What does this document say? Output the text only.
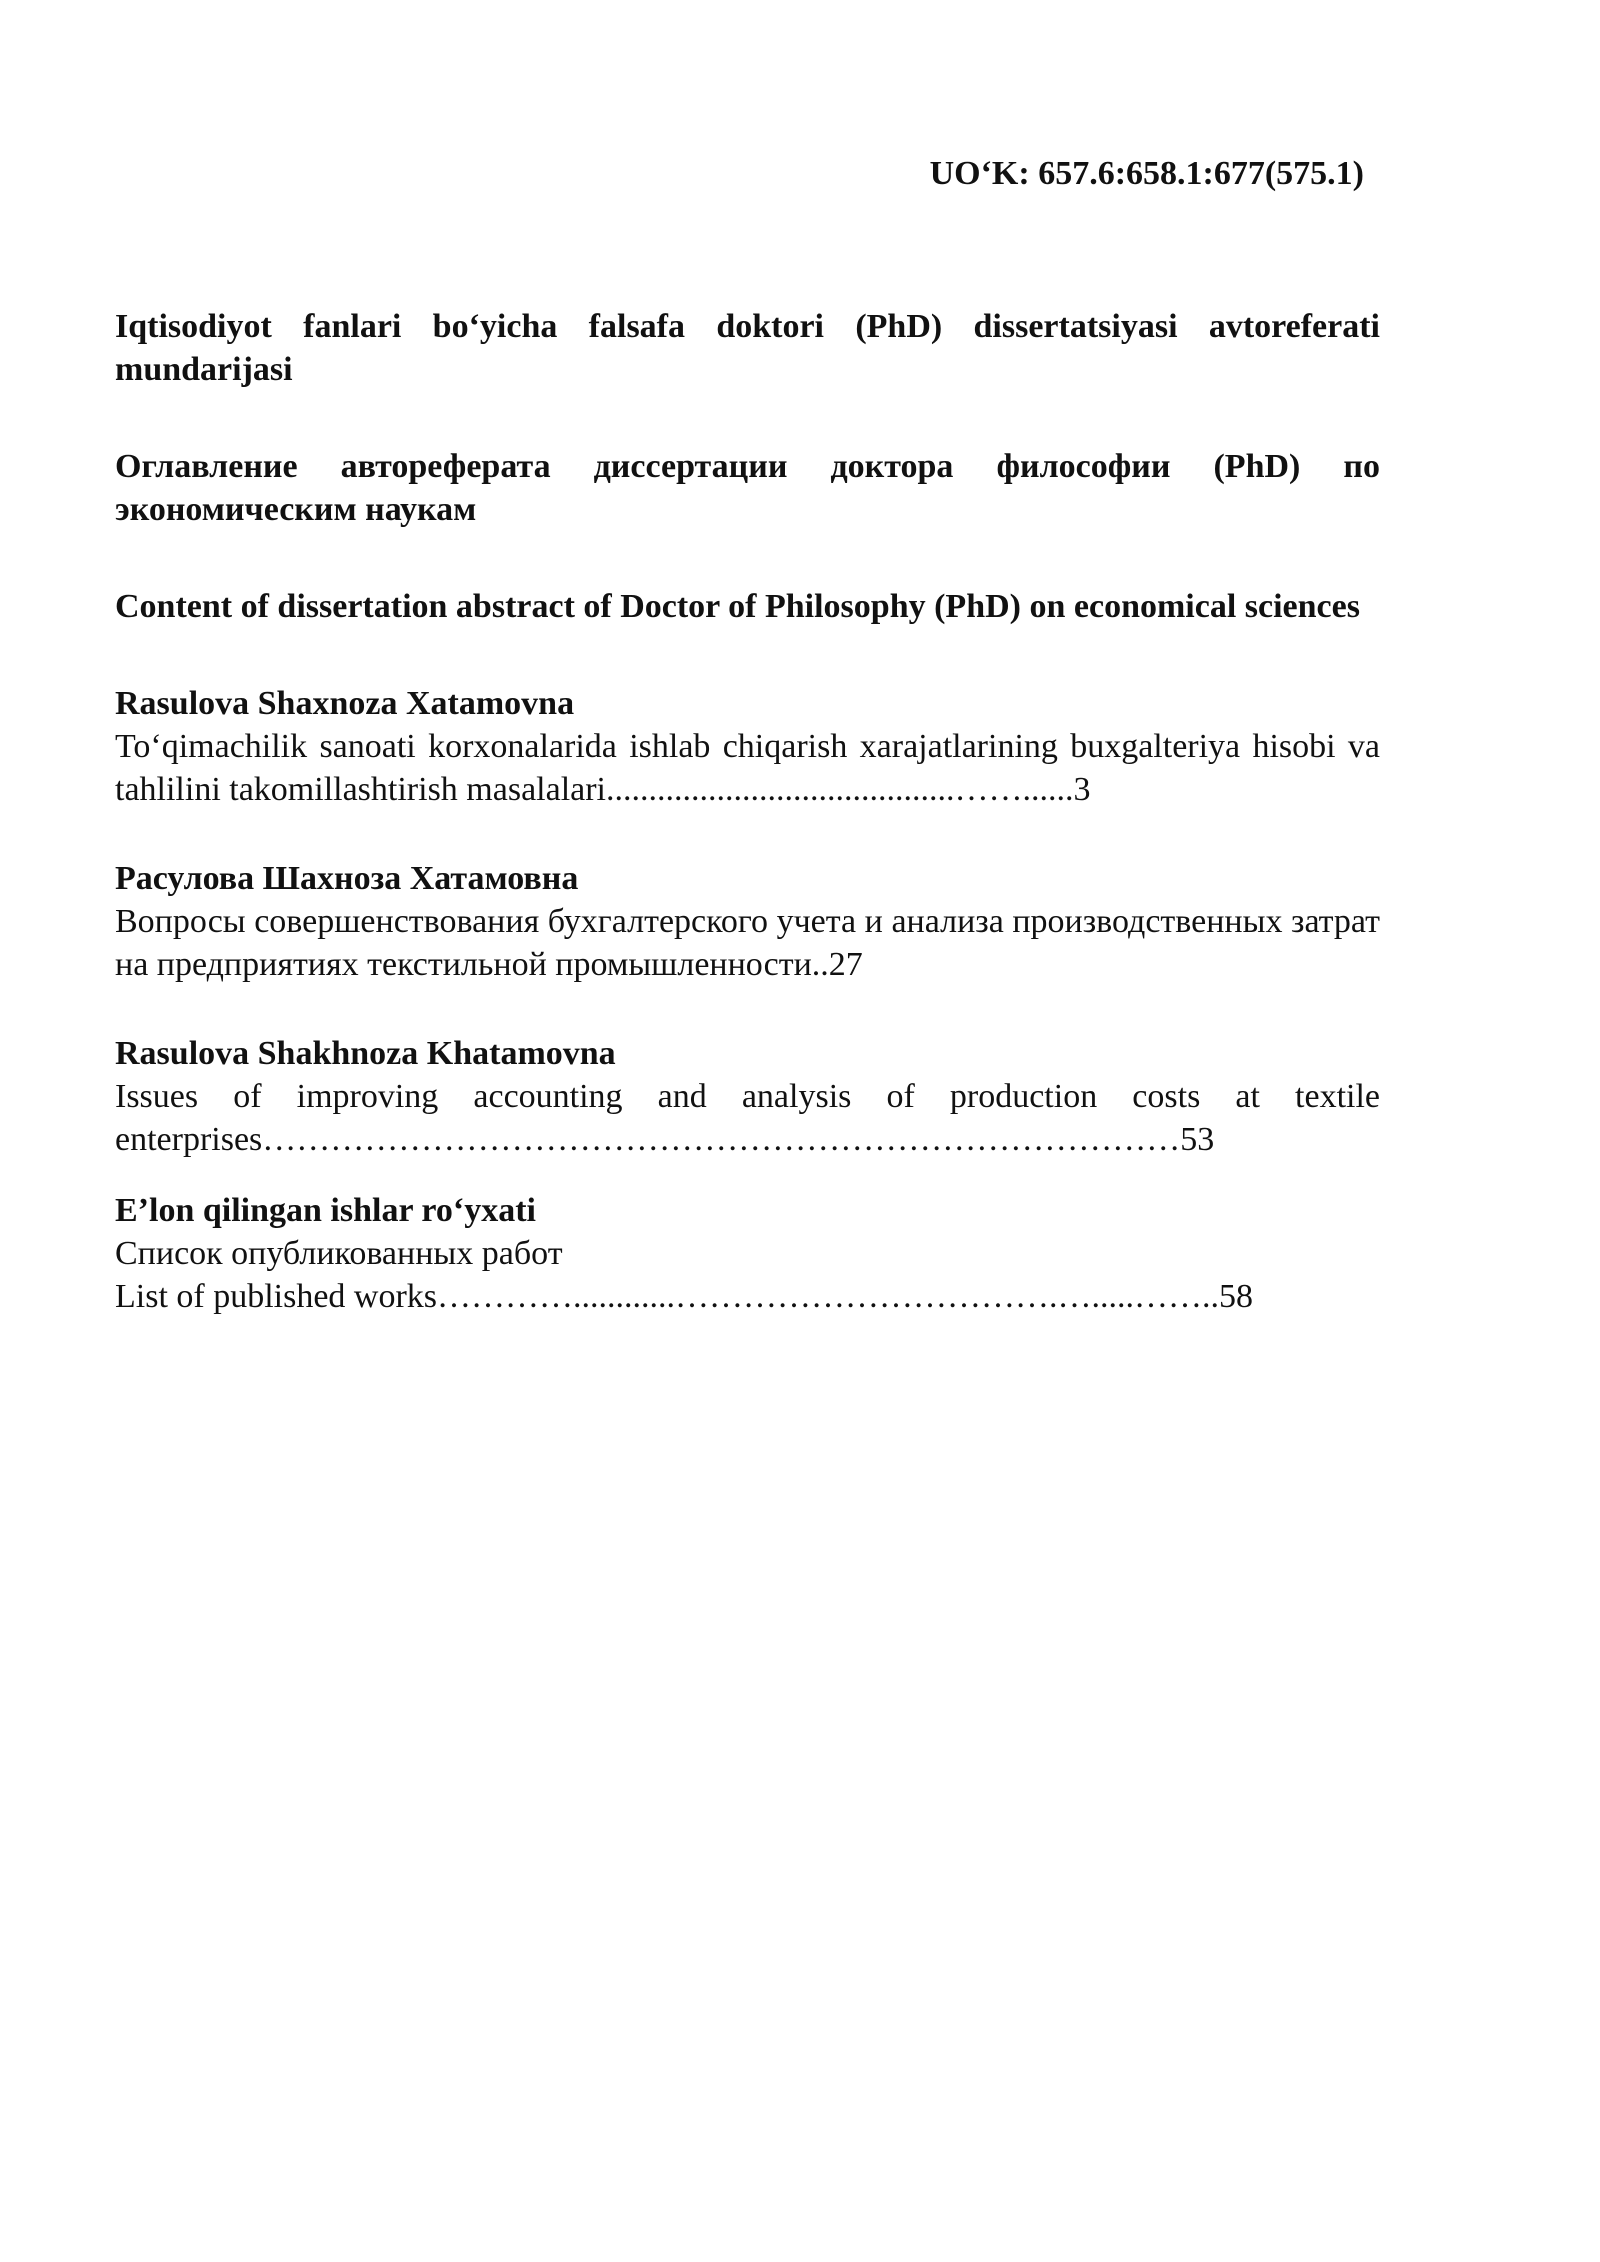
UO‘K: 657.6:658.1:677(575.1)

Iqtisodiyot fanlari bo‘yicha falsafa doktori (PhD) dissertatsiyasi avtoreferati mundarijasi

Оглавление автореферата диссертации доктора философии (PhD) по экономическим наукам

Content of dissertation abstract of Doctor of Philosophy (PhD) on economical sciences

Rasulova Shaxnoza Xatamovna

To‘qimachilik sanoati korxonalarida ishlab chiqarish xarajatlarining buxgalteriya hisobi va tahlilini takomillashtirish masalalari.........................................……......3

Расулова Шахноза Хатамовна

Вопросы совершенствования бухгалтерского учета и анализа производственных затрат на предприятиях текстильной промышленности..27

Rasulova Shakhnoza Khatamovna

Issues of improving accounting and analysis of production costs at textile enterprises………………………………………………………………………53

E’lon qilingan ishlar ro‘yxati

Список опубликованных работ

List of published works…………............…………………………….….....……..58
